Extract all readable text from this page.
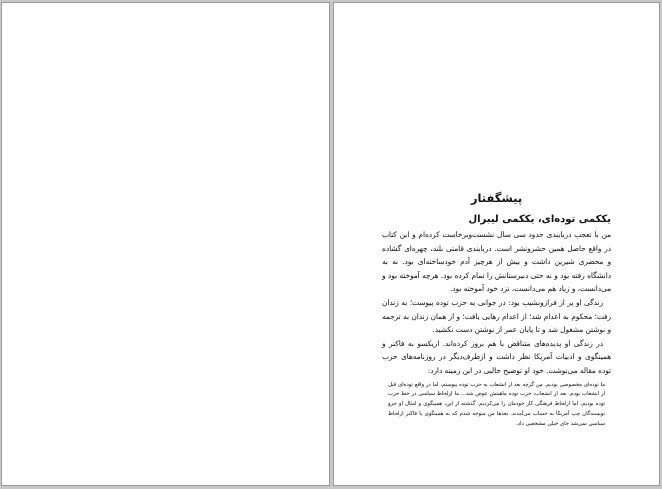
پیشگفتار
یککمی توده‌ای، یککمی لیبرال

من با تعجب دربایندی حدود سی سال نشست‌وبرخاست کرده‌ام و این کتاب در واقع حاصل همین حشرونشر است. دربایندی قامتی بلند، چهره‌ای گشاده و محضری شیرین داشت و بیش از هرچیز آدم خودساخته‌ای بود. نه به دانشگاه رفته بود و نه حتی دبیرستانش را تمام کرده بود. هرچه آموخته بود و می‌دانست، و زیاد هم می‌دانست، نزد خود آموخته بود.

زندگی او پر از فرازونشیب بود: در جوانی به حزب توده پیوست؛ به زندان رفت؛ محکوم به اعدام شد؛ از اعدام رهایی یافت؛ و از همان زندان به ترجمه و نوشتن مشغول شد و تا پایان عمر از نوشتن دست نکشید.

در زندگی او پدیده‌های متناقض با هم بروز کرده‌اند. ازیکسو به فاکنر و همینگوی و ادبیات آمریکا نظر داشت و ازطرف‌دیگر در روزنامه‌های حزب توده مقاله می‌نوشت. خود او توضیح جالبی در این زمینه دارد:

ما توده‌ای مخصوصی بودیم. من گرچه بعد از انشعاب به حزب توده پیوستم، اما در واقع توده‌ای قبل از انشعاب بودم. بعد از انشعاب، حزب توده ماهیتش عوض شد... ما ازلحاظ سیاسی در خط حزب توده بودیم، اما ازلحاظ فرهنگی کار خودمان را می‌کردیم. گذشته از این، همینگوی و امثال او جزو نویسندگان چپ آمریکا به حساب می‌آمدند. بعدها من متوجه شدم که به همینگوی یا فاکنر ازلحاظ سیاسی نمی‌شد جای خیلی مشخصی داد.
